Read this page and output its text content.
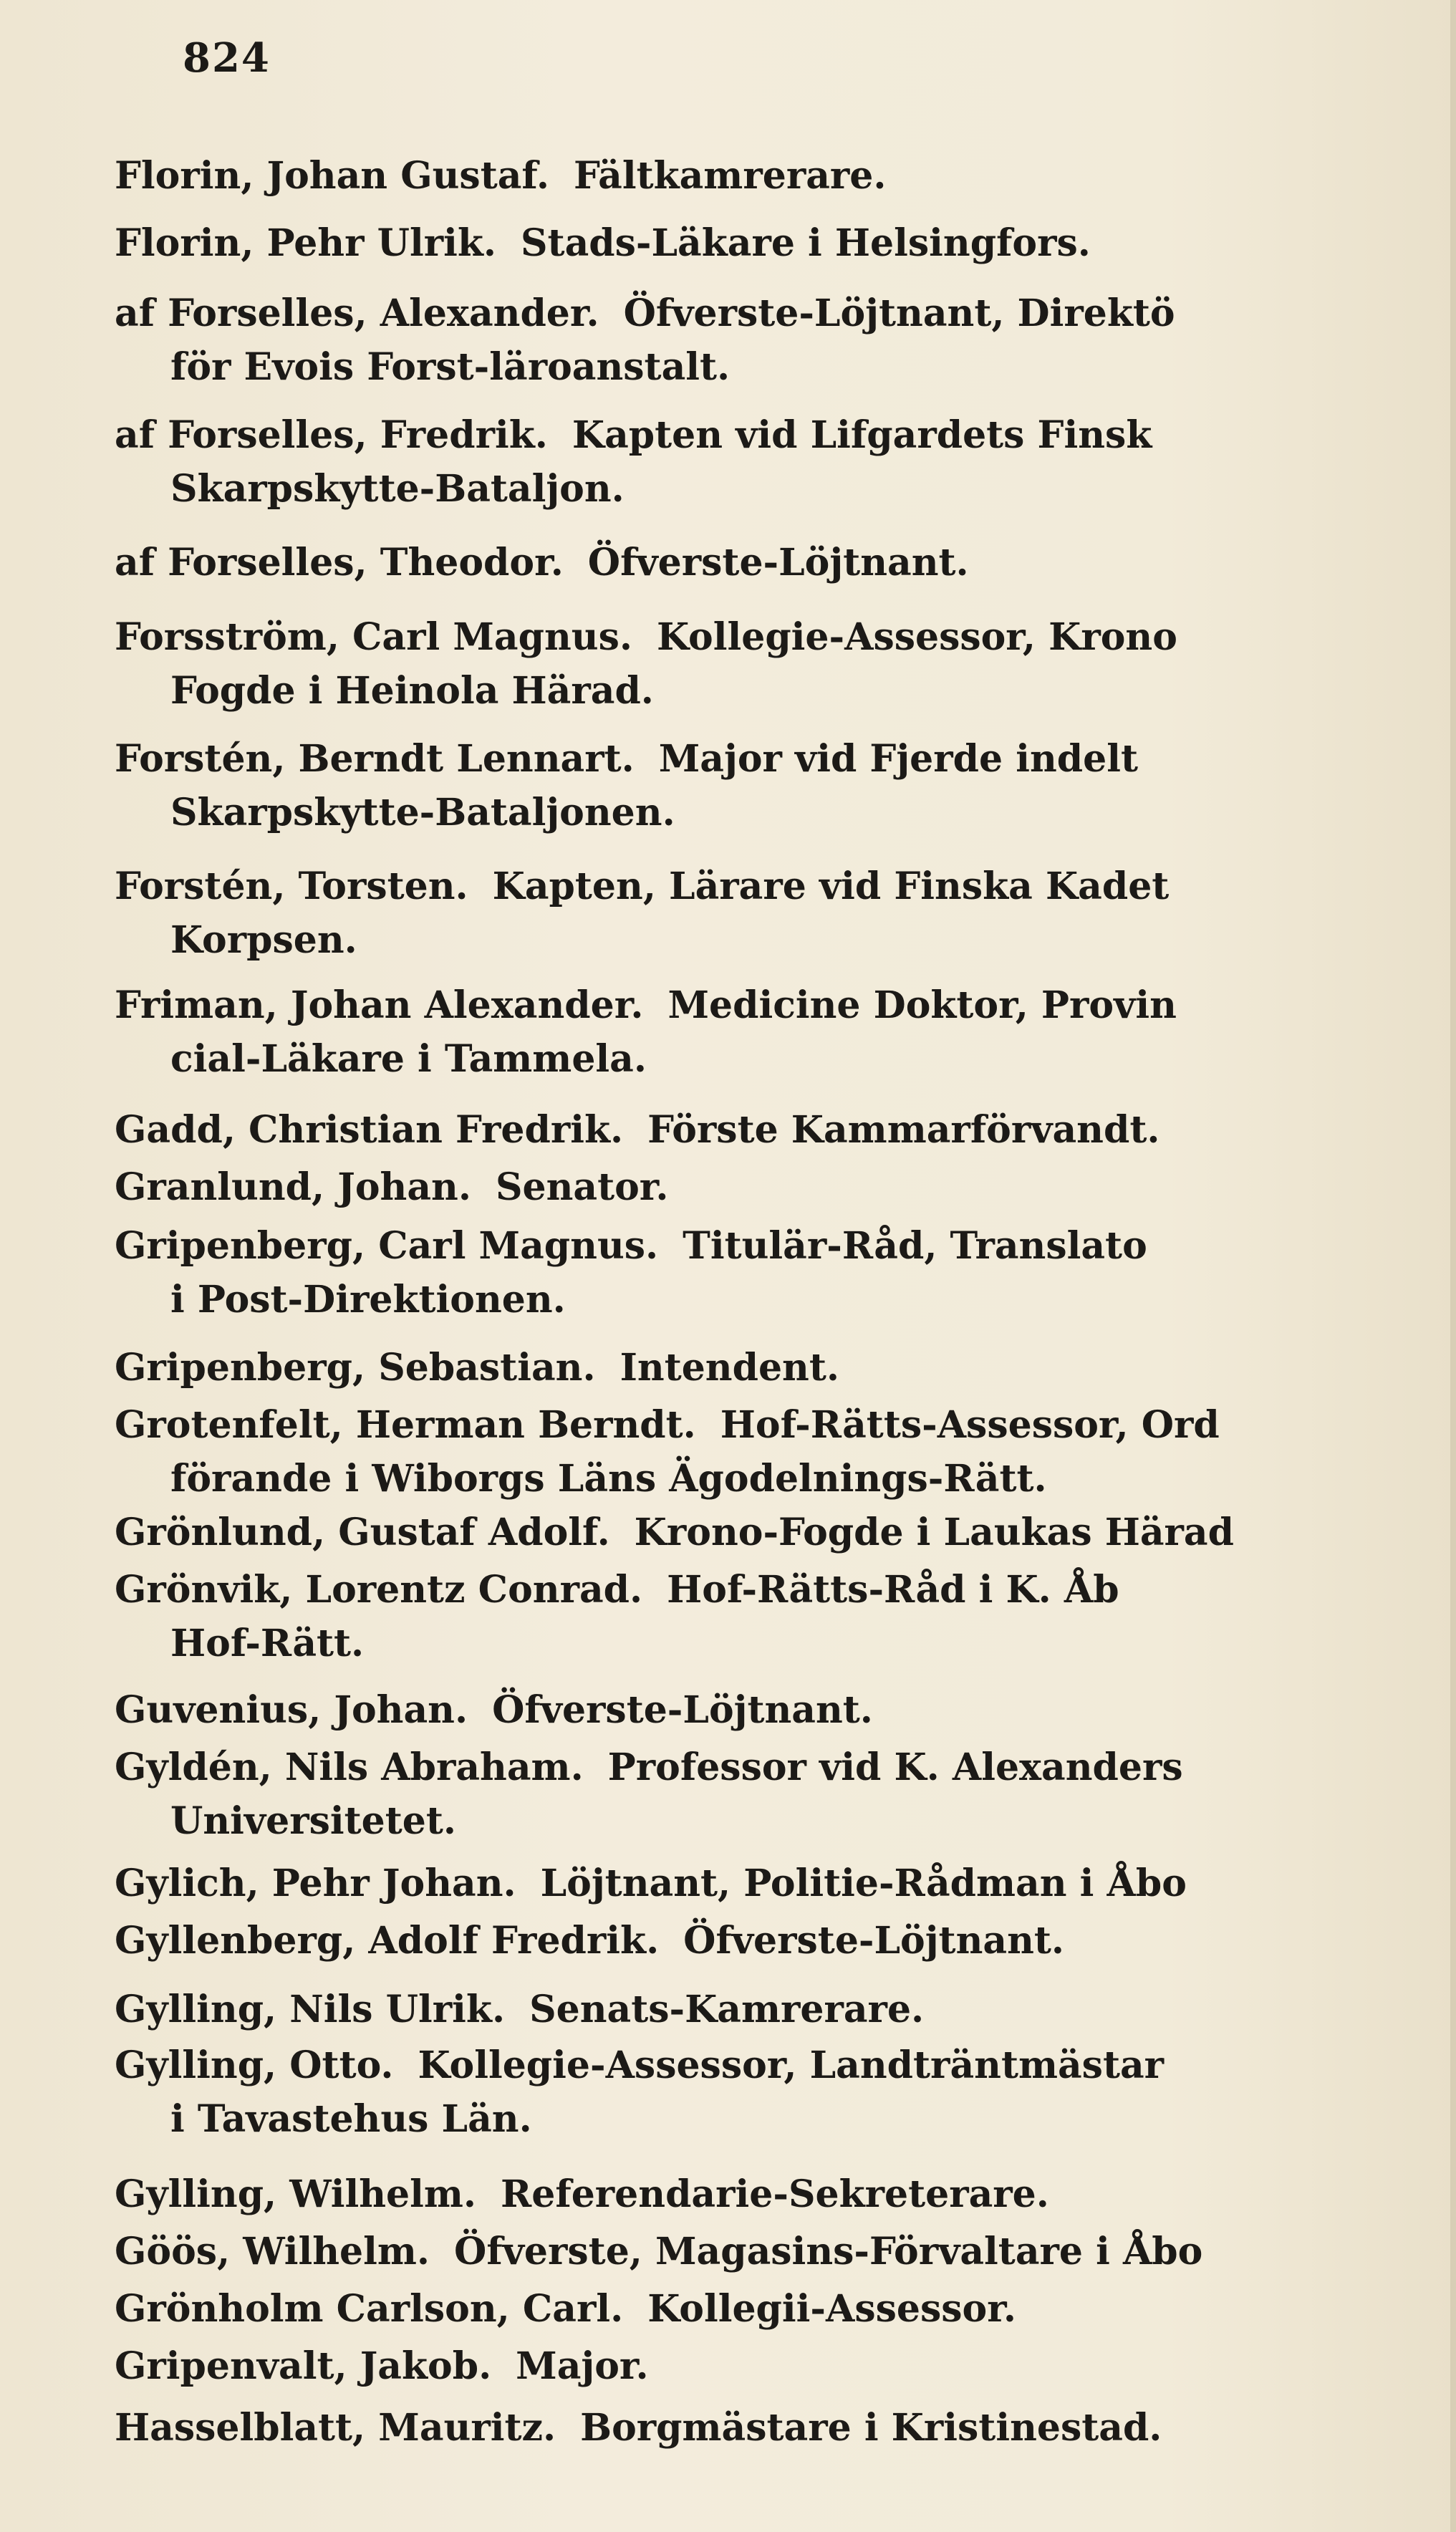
824
Florin, Johan Gustaf. Fältkamrerare.
Florin, Pehr Ulrik. Stads-Läkare i Helsingfors.
af Forselles, Alexander. Öfverste-Löjtnant, Direktö
för Evois Forst-läroanstalt.
af Forselles, Fredrik. Kapten vid Lifgardets Finsk
Skarpskytte-Bataljon.
af Forselles, Theodor. Öfverste-Löjtnant.
Forsström, Carl Magnus. Kollegie-Assessor, Krono
Fogde i Heinola Härad.
Forstén, Berndt Lennart. Major vid Fjerde indelt
Skarpskytte-Bataljonen.
Forstén, Torsten. Kapten, Lärare vid Finska Kadet
Korpsen.
Friman, Johan Alexander. Medicine Doktor, Provin
cial-Läkare i Tammela.
Gadd, Christian Fredrik. Förste Kammarförvandt.
Granlund, Johan. Senator.
Gripenberg, Carl Magnus. Titulär-Råd, Translato
i Post-Direktionen.
Gripenberg, Sebastian. Intendent.
Grotenfelt, Herman Berndt. Hof-Rätts-Assessor, Ord
förande i Wiborgs Läns Ägodelnings-Rätt.
Grönlund, Gustaf Adolf. Krono-Fogde i Laukas Härad
Grönvik, Lorentz Conrad. Hof-Rätts-Råd i K. Åb
Hof-Rätt.
Guvenius, Johan. Öfverste-Löjtnant.
Gyldén, Nils Abraham. Professor vid K. Alexanders
Universitetet.
Gylich, Pehr Johan. Löjtnant, Politie-Rådman i Åbo
Gyllenberg, Adolf Fredrik. Öfverste-Löjtnant.
Gylling, Nils Ulrik. Senats-Kamrerare.
Gylling, Otto. Kollegie-Assessor, Landträntmästar
i Tavastehus Län.
Gylling, Wilhelm. Referendarie-Sekreterare.
Göös, Wilhelm. Öfverste, Magasins-Förvaltare i Åbo
Grönholm Carlson, Carl. Kollegii-Assessor.
Gripenvalt, Jakob. Major.
Hasselblatt, Mauritz. Borgmästare i Kristinestad.
